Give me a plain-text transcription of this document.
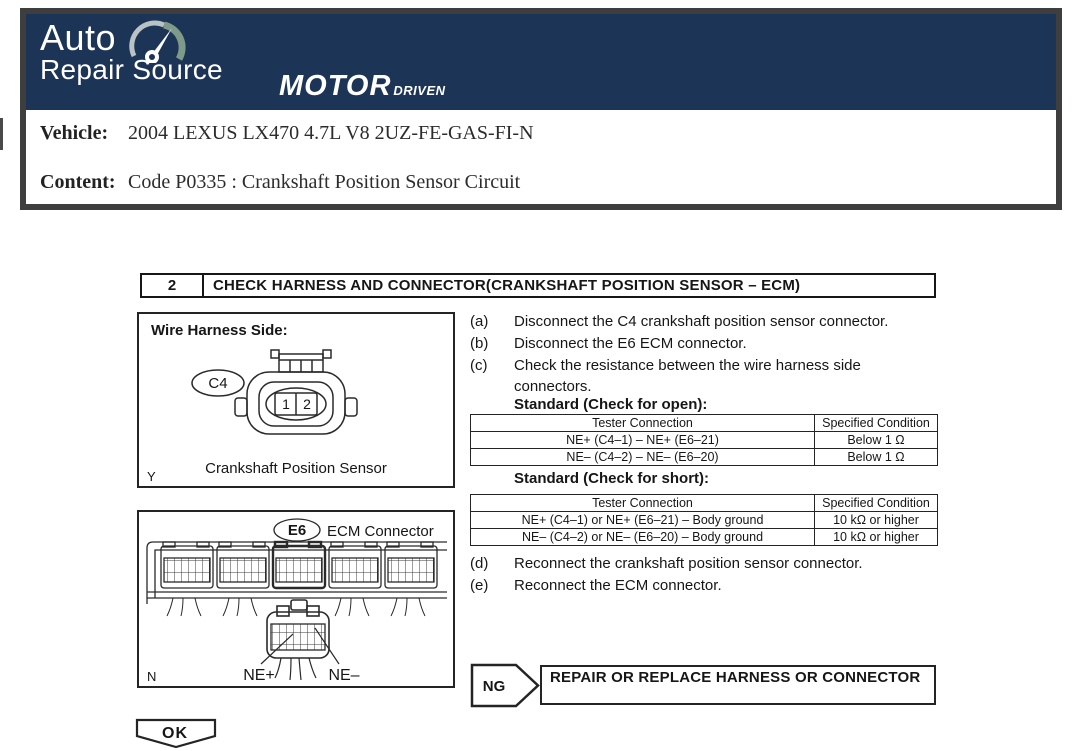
Auto
Repair Source
MOTOR DRIVEN
Vehicle: 2004 LEXUS LX470 4.7L V8 2UZ-FE-GAS-FI-N
Content: Code P0335 : Crankshaft Position Sensor Circuit
2	CHECK HARNESS AND CONNECTOR(CRANKSHAFT POSITION SENSOR – ECM)
Wire Harness Side:
C4
1 2
Crankshaft Position Sensor
Y
E6 ECM Connector
NE+	NE–
N
(a)	Disconnect the C4 crankshaft position sensor connector.
(b)	Disconnect the E6 ECM connector.
(c)	Check the resistance between the wire harness side connectors.
Standard (Check for open):
Tester Connection	Specified Condition
NE+ (C4–1) – NE+ (E6–21)	Below 1 Ω
NE– (C4–2) – NE– (E6–20)	Below 1 Ω
Standard (Check for short):
Tester Connection	Specified Condition
NE+ (C4–1) or NE+ (E6–21) – Body ground	10 kΩ or higher
NE– (C4–2) or NE– (E6–20) – Body ground	10 kΩ or higher
(d)	Reconnect the crankshaft position sensor connector.
(e)	Reconnect the ECM connector.
NG
REPAIR OR REPLACE HARNESS OR CONNECTOR
OK
